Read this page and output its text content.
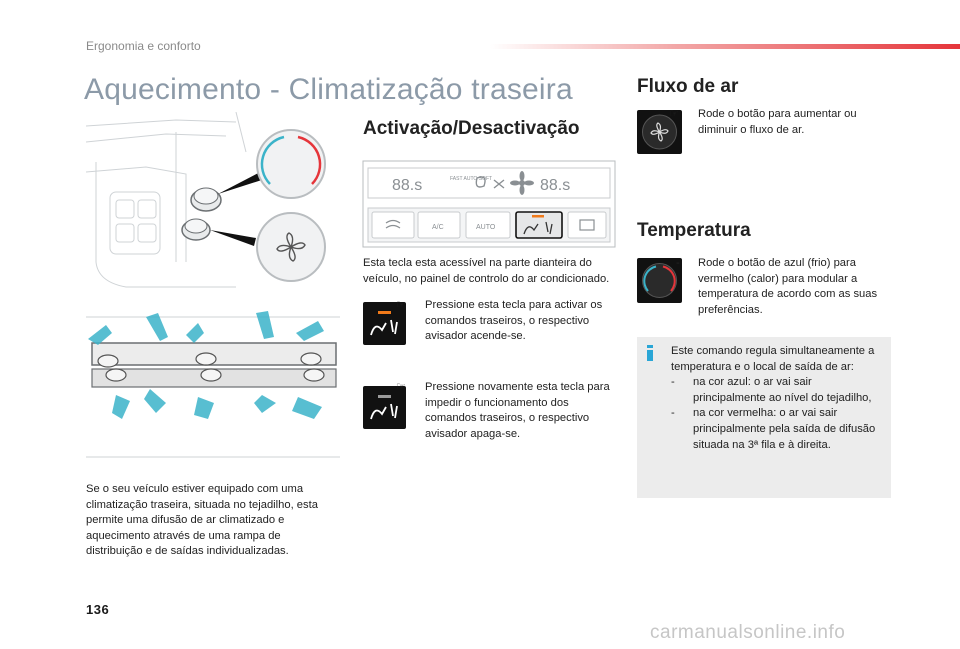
Ergonomia e conforto
Aquecimento - Climatização traseira
Se o seu veículo estiver equipado com uma climatização traseira, situada no tejadilho, esta permite uma difusão de ar climatizado e aquecimento através de uma rampa de distribuição e de saídas individualizadas.
Activação/Desactivação
88.s	FAST AUTO SOFT	88.s
A/C	AUTO
Esta tecla esta acessível na parte dianteira do veículo, no painel de controlo do ar condicionado.
☞ Pressione esta tecla para activar os comandos traseiros, o respectivo avisador acende-se.
☞ Pressione novamente esta tecla para impedir o funcionamento dos comandos traseiros, o respectivo avisador apaga-se.
Fluxo de ar
☞ Rode o botão para aumentar ou diminuir o fluxo de ar.
Temperatura
- Rode o botão de azul (frio) para vermelho (calor) para modular a temperatura de acordo com as suas preferências.
Este comando regula simultaneamente a temperatura e o local de saída de ar:
- na cor azul: o ar vai sair principalmente ao nível do tejadilho,
- na cor vermelha: o ar vai sair principalmente pela saída de difusão situada na 3ª fila e à direita.
136
carmanualsonline.info
